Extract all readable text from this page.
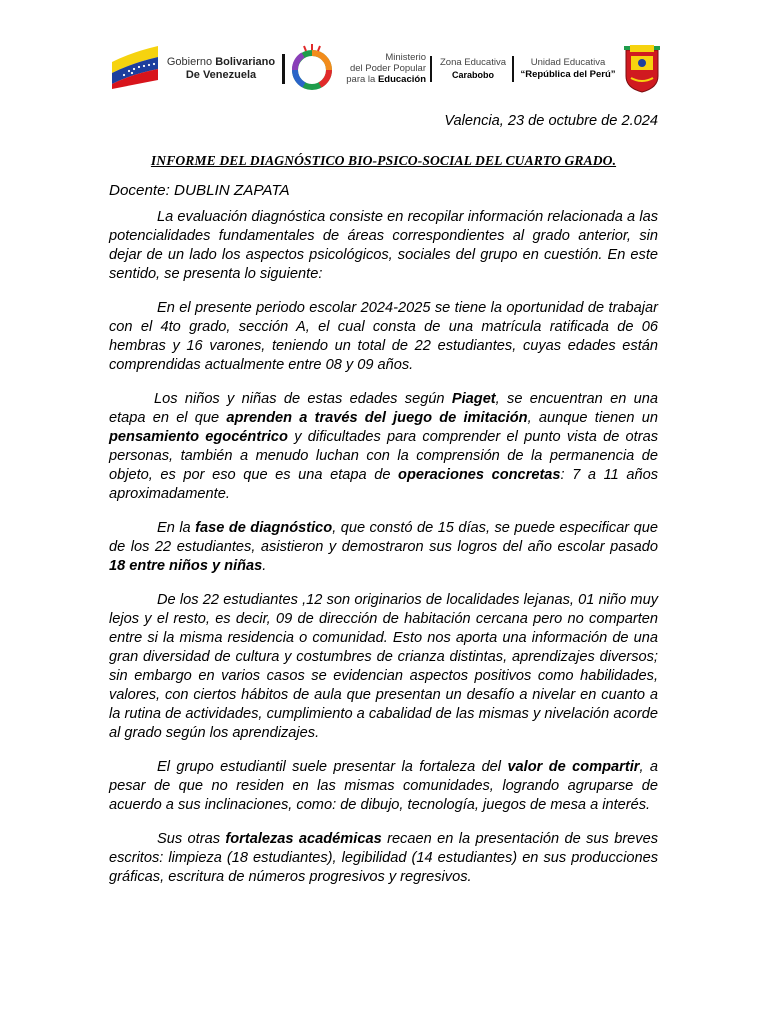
Gobierno Bolivariano
De Venezuela
Ministerio
del Poder Popular
para la Educación
Zona Educativa
Carabobo
Unidad Educativa
“República del Perú”
Valencia, 23 de octubre de 2.024
INFORME DEL DIAGNÓSTICO BIO-PSICO-SOCIAL DEL CUARTO GRADO.
Docente: DUBLIN ZAPATA
La evaluación diagnóstica consiste en recopilar información relacionada a las potencialidades fundamentales de áreas correspondientes al grado anterior, sin dejar de un lado los aspectos psicológicos, sociales del grupo en cuestión. En este sentido, se presenta lo siguiente:
En el presente periodo escolar 2024-2025 se tiene la oportunidad de trabajar con el 4to grado, sección A, el cual consta de una matrícula ratificada de 06 hembras y 16 varones, teniendo un total de 22 estudiantes, cuyas edades están comprendidas actualmente entre 08 y 09 años.
Los niños y niñas de estas edades según Piaget, se encuentran en una etapa en el que aprenden a través del juego de imitación, aunque tienen un pensamiento egocéntrico y dificultades para comprender el punto vista de otras personas, también a menudo luchan con la comprensión de la permanencia de objeto, es por eso que es una etapa de operaciones concretas: 7 a 11 años aproximadamente.
En la fase de diagnóstico, que constó de 15 días, se puede especificar que de los 22 estudiantes, asistieron y demostraron sus logros del año escolar pasado 18 entre niños y niñas.
De los 22 estudiantes ,12 son originarios de localidades lejanas, 01 niño muy lejos y el resto, es decir, 09 de dirección de habitación cercana pero no comparten entre si la misma residencia o comunidad. Esto nos aporta una información de una gran diversidad de cultura y costumbres de crianza distintas, aprendizajes diversos; sin embargo en varios casos se evidencian aspectos positivos como habilidades, valores, con ciertos hábitos de aula que presentan un desafío a nivelar en cuanto a la rutina de actividades, cumplimiento a cabalidad de las mismas y nivelación acorde al grado según los aprendizajes.
El grupo estudiantil suele presentar la fortaleza del valor de compartir, a pesar de que no residen en las mismas comunidades, logrando agruparse de acuerdo a sus inclinaciones, como: de dibujo, tecnología, juegos de mesa a interés.
Sus otras fortalezas académicas recaen en la presentación de sus breves escritos: limpieza (18 estudiantes), legibilidad (14 estudiantes) en sus producciones gráficas, escritura de números progresivos y regresivos.
